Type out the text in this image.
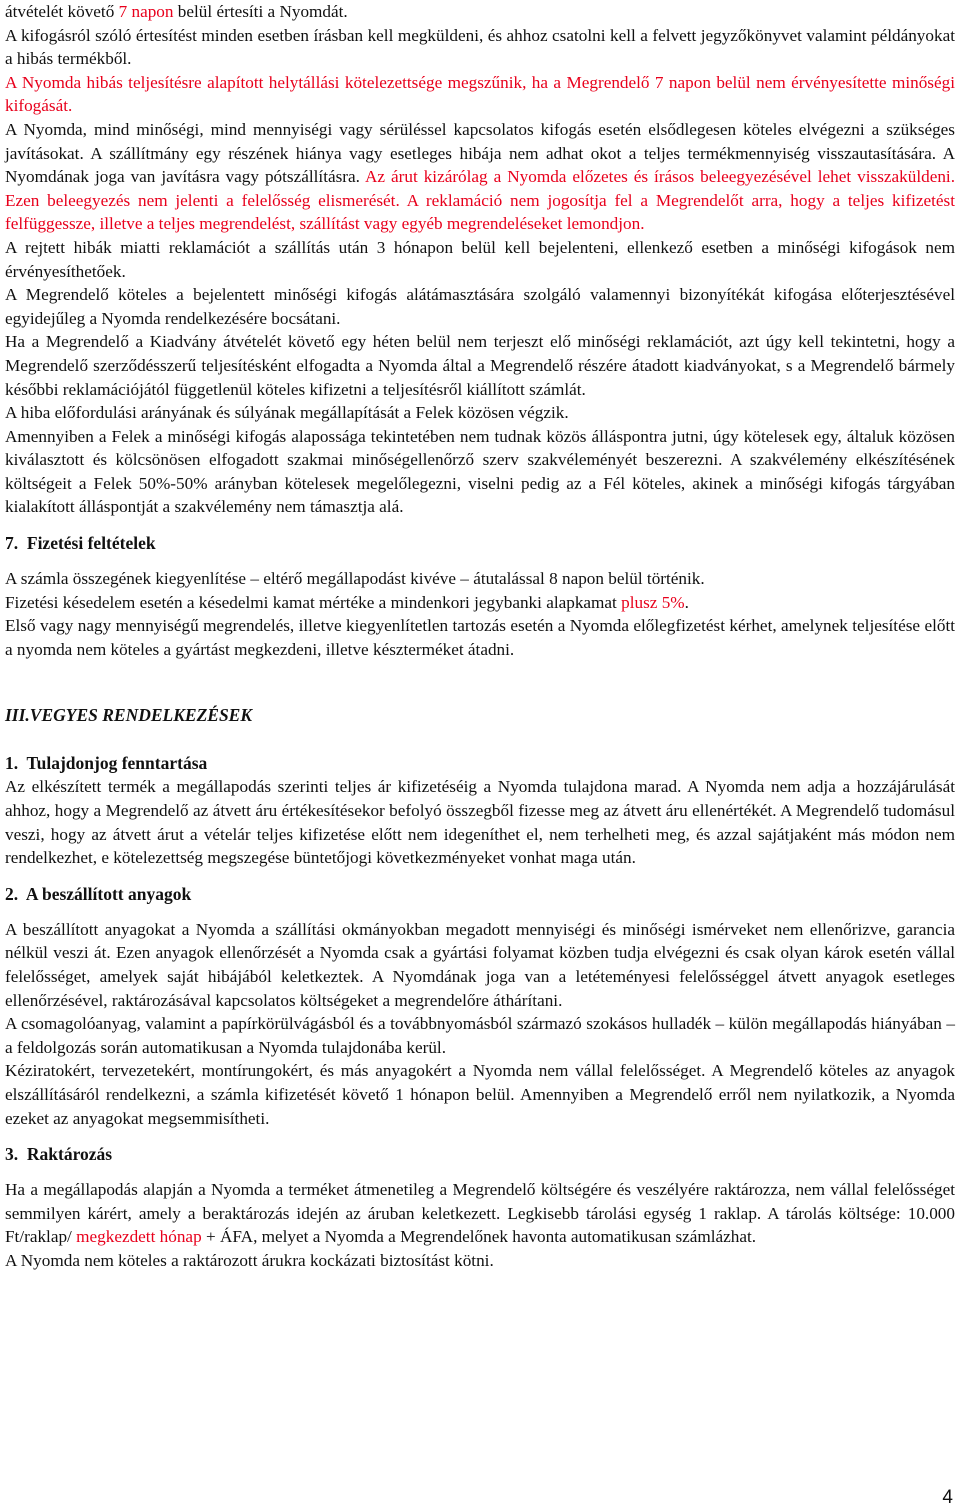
átvételét követő 7 napon belül értesíti a Nyomdát.

A kifogásról szóló értesítést minden esetben írásban kell megküldeni, és ahhoz csatolni kell a felvett jegyzőkönyvet valamint példányokat a hibás termékből.

A Nyomda hibás teljesítésre alapított helytállási kötelezettsége megszűnik, ha a Megrendelő 7 napon belül nem érvényesítette minőségi kifogását.

A Nyomda, mind minőségi, mind mennyiségi vagy sérüléssel kapcsolatos kifogás esetén elsődlegesen köteles elvégezni a szükséges javításokat. A szállítmány egy részének hiánya vagy esetleges hibája nem adhat okot a teljes termékmennyiség visszautasítására. A Nyomdának joga van javításra vagy pótszállításra. Az árut kizárólag a Nyomda előzetes és írásos beleegyezésével lehet visszaküldeni. Ezen beleegyezés nem jelenti a felelősség elismerését. A reklamáció nem jogosítja fel a Megrendelőt arra, hogy a teljes kifizetést felfüggessze, illetve a teljes megrendelést, szállítást vagy egyéb megrendeléseket lemondjon.

A rejtett hibák miatti reklamációt a szállítás után 3 hónapon belül kell bejelenteni, ellenkező esetben a minőségi kifogások nem érvényesíthetőek.

A Megrendelő köteles a bejelentett minőségi kifogás alátámasztására szolgáló valamennyi bizonyítékát kifogása előterjesztésével egyidejűleg a Nyomda rendelkezésére bocsátani.

Ha a Megrendelő a Kiadvány átvételét követő egy héten belül nem terjeszt elő minőségi reklamációt, azt úgy kell tekintetni, hogy a Megrendelő szerződésszerű teljesítésként elfogadta a Nyomda által a Megrendelő részére átadott kiadványokat, s a Megrendelő bármely későbbi reklamációjától függetlenül köteles kifizetni a teljesítésről kiállított számlát.

A hiba előfordulási arányának és súlyának megállapítását a Felek közösen végzik.

Amennyiben a Felek a minőségi kifogás alaposságа tekintetében nem tudnak közös álláspontra jutni, úgy kötelesek egy, általuk közösen kiválasztott és kölcsönösen elfogadott szakmai minőségellenőrző szerv szakvéleményét beszerezni. A szakvélemény elkészítésének költségeit a Felek 50%-50% arányban kötelesek megelőlegezni, viselni pedig az a Fél köteles, akinek a minőségi kifogás tárgyában kialakított álláspontját a szakvélemény nem támasztja alá.

7.  Fizetési feltételek

A számla összegének kiegyenlítése – eltérő megállapodást kivéve – átutalással 8 napon belül történik.

Fizetési késedelem esetén a késedelmi kamat mértéke a mindenkori jegybanki alapkamat plusz 5%.

Első vagy nagy mennyiségű megrendelés, illetve kiegyenlítetlen tartozás esetén a Nyomda előlegfizetést kérhet, amelynek teljesítése előtt a nyomda nem köteles a gyártást megkezdeni, illetve készterméket átadni.

III.VEGYES RENDELKEZÉSEK
1.  Tulajdonjog fenntartása

Az elkészített termék a megállapodás szerinti teljes ár kifizetéséig a Nyomda tulajdona marad. A Nyomda nem adja a hozzájárulását ahhoz, hogy a Megrendelő az átvett áru értékesítésekor befolyó összegből fizesse meg az átvett áru ellenértékét. A Megrendelő tudomásul veszi, hogy az átvett árut a vételár teljes kifizetése előtt nem idegeníthet el, nem terhelheti meg, és azzal sajátjaként más módon nem rendelkezhet, e kötelezettség megszegése büntetőjogi következményeket vonhat maga után.

2.  A beszállított anyagok

A beszállított anyagokat a Nyomda a szállítási okmányokban megadott mennyiségi és minőségi ismérveket nem ellenőrizve, garancia nélkül veszi át. Ezen anyagok ellenőrzését a Nyomda csak a gyártási folyamat közben tudja elvégezni és csak olyan károk esetén vállal felelősséget, amelyek saját hibájából keletkeztek. A Nyomdának joga van a letéteményesi felelősséggel átvett anyagok esetleges ellenőrzésével, raktározásával kapcsolatos költségeket a megrendelőre áthárítani.

A csomagolóanyag, valamint a papírkörülvágásból és a továbbnyomásból származó szokásos hulladék – külön megállapodás hiányában – a feldolgozás során automatikusan a Nyomda tulajdonába kerül.

Kéziratokért, tervezetekért, montírungokért, és más anyagokért a Nyomda nem vállal felelősséget. A Megrendelő köteles az anyagok elszállításáról rendelkezni, a számla kifizetését követő 1 hónapon belül. Amennyiben a Megrendelő erről nem nyilatkozik, a Nyomda ezeket az anyagokat megsemmisítheti.

3.  Raktározás

Ha a megállapodás alapján a Nyomda a terméket átmenetileg a Megrendelő költségére és veszélyére raktározza, nem vállal felelősséget semmilyen kárért, amely a beraktározás idején az áruban keletkezett. Legkisebb tárolási egység 1 raklap. A tárolás költsége: 10.000 Ft/raklap/ megkezdett hónap + ÁFA, melyet a Nyomda a Megrendelőnek havonta automatikusan számlázhat.

A Nyomda nem köteles a raktározott árukra kockázati biztosítást kötni.

4
